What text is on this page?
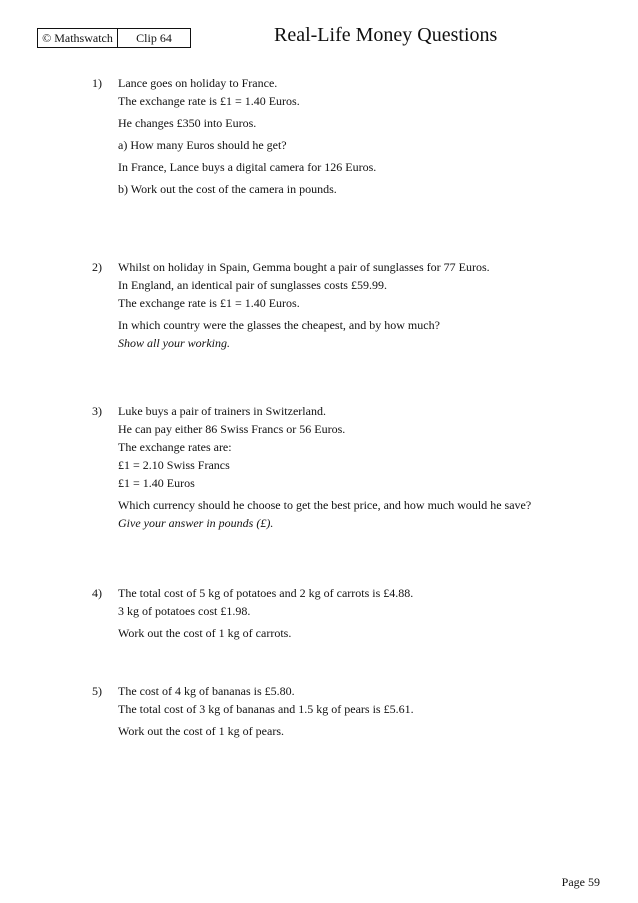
© Mathswatch	Clip 64	Real-Life Money Questions
1) Lance goes on holiday to France.
The exchange rate is £1 = 1.40 Euros.
He changes £350 into Euros.
a) How many Euros should he get?
In France, Lance buys a digital camera for 126 Euros.
b) Work out the cost of the camera in pounds.
2) Whilst on holiday in Spain, Gemma bought a pair of sunglasses for 77 Euros.
In England, an identical pair of sunglasses costs £59.99.
The exchange rate is £1 = 1.40 Euros.
In which country were the glasses the cheapest, and by how much?
Show all your working.
3) Luke buys a pair of trainers in Switzerland.
He can pay either 86 Swiss Francs or 56 Euros.
The exchange rates are:
£1 = 2.10 Swiss Francs
£1 = 1.40 Euros
Which currency should he choose to get the best price, and how much would he save?
Give your answer in pounds (£).
4) The total cost of 5 kg of potatoes and 2 kg of carrots is £4.88.
3 kg of potatoes cost £1.98.
Work out the cost of 1 kg of carrots.
5) The cost of 4 kg of bananas is £5.80.
The total cost of 3 kg of bananas and 1.5 kg of pears is £5.61.
Work out the cost of 1 kg of pears.
Page 59
